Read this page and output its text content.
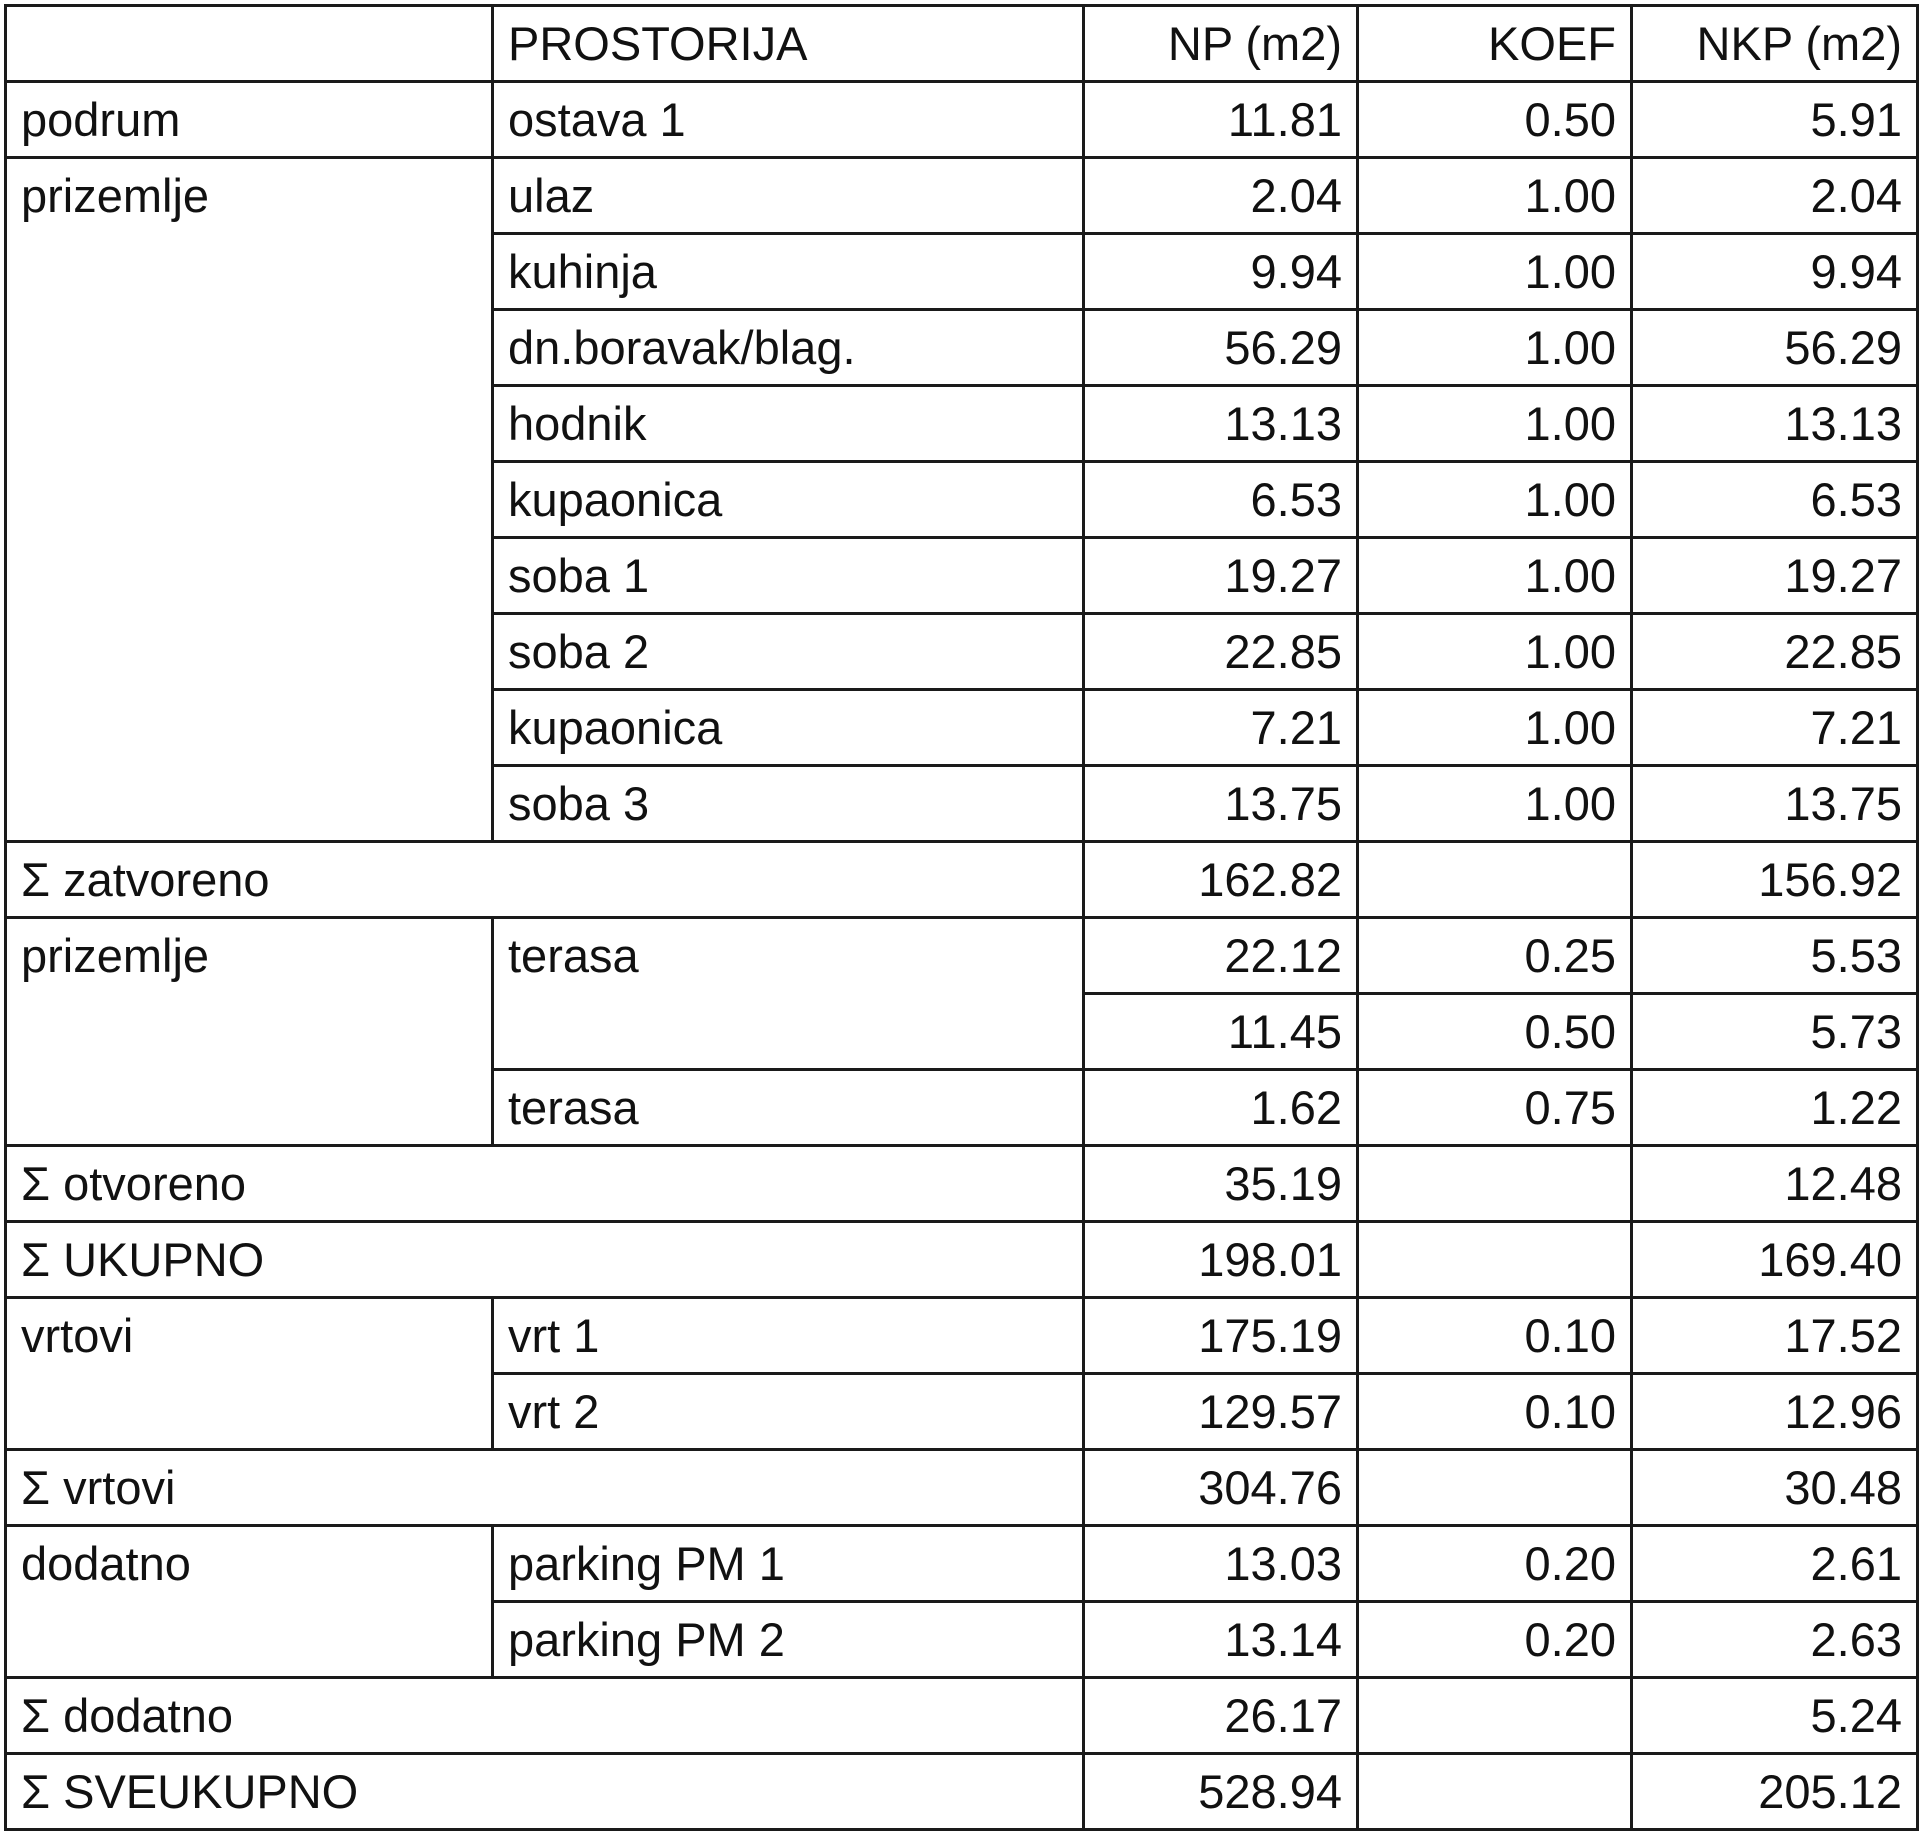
	PROSTORIJA	NP (m2)	KOEF	NKP (m2)
podrum	ostava 1	11.81	0.50	5.91
prizemlje	ulaz	2.04	1.00	2.04
	kuhinja	9.94	1.00	9.94
	dn.boravak/blag.	56.29	1.00	56.29
	hodnik	13.13	1.00	13.13
	kupaonica	6.53	1.00	6.53
	soba 1	19.27	1.00	19.27
	soba 2	22.85	1.00	22.85
	kupaonica	7.21	1.00	7.21
	soba 3	13.75	1.00	13.75
Σ zatvoreno		162.82		156.92
prizemlje	terasa	22.12	0.25	5.53
		11.45	0.50	5.73
	terasa	1.62	0.75	1.22
Σ otvoreno		35.19		12.48
Σ UKUPNO		198.01		169.40
vrtovi	vrt 1	175.19	0.10	17.52
	vrt 2	129.57	0.10	12.96
Σ vrtovi		304.76		30.48
dodatno	parking PM 1	13.03	0.20	2.61
	parking PM 2	13.14	0.20	2.63
Σ dodatno		26.17		5.24
Σ SVEUKUPNO		528.94		205.12
